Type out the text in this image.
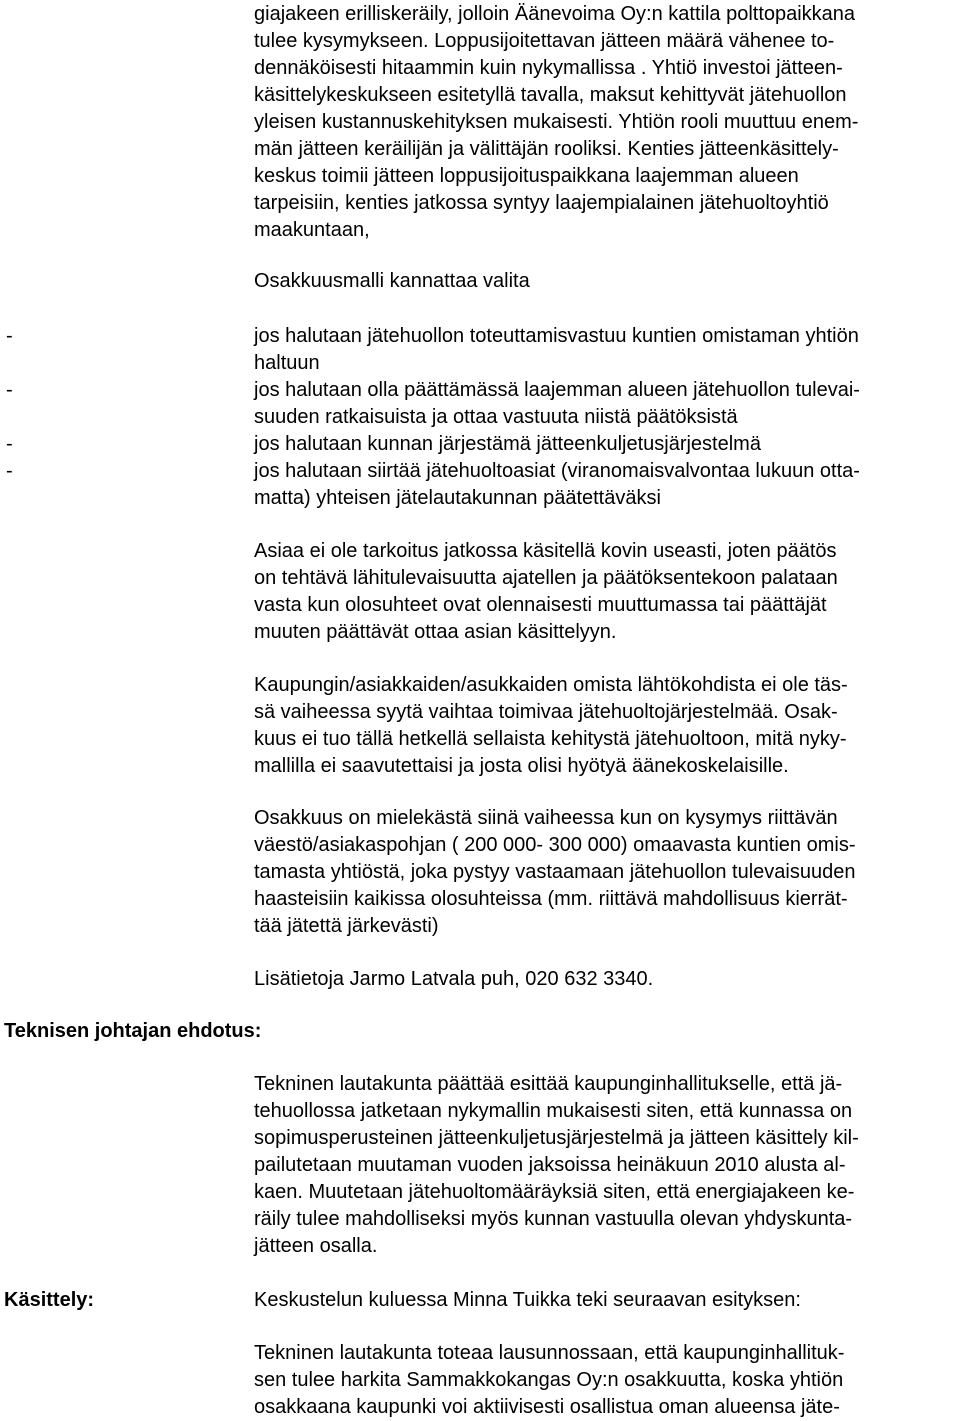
giajakeen erilliskeräily, jolloin Äänevoima Oy:n kattila polttopaikkana
tulee kysymykseen. Loppusijoitettavan jätteen määrä vähenee to-
dennäköisesti hitaammin kuin nykymallissa . Yhtiö investoi jätteen-
käsittelykeskukseen esitetyllä tavalla, maksut kehittyvät jätehuollon
yleisen kustannuskehityksen mukaisesti. Yhtiön rooli muuttuu enem-
män jätteen keräilijän ja välittäjän rooliksi. Kenties jätteenkäsittely-
keskus toimii jätteen loppusijoituspaikkana laajemman alueen
tarpeisiin, kenties jatkossa syntyy laajempialainen jätehuoltoyhtiö
maakuntaan,

Osakkuusmalli kannattaa valita

-	jos halutaan jätehuollon toteuttamisvastuu kuntien omistaman yhtiön
haltuun

-	jos halutaan olla päättämässä laajemman alueen jätehuollon tulevai-
suuden ratkaisuista ja ottaa vastuuta niistä päätöksistä

-	jos halutaan kunnan järjestämä jätteenkuljetusjärjestelmä

-	jos halutaan siirtää jätehuoltoasiat (viranomaisvalvontaa lukuun otta-
matta) yhteisen jätelautakunnan päätettäväksi

Asiaa ei ole tarkoitus jatkossa käsitellä kovin useasti, joten päätös
on tehtävä lähitulevaisuutta ajatellen ja päätöksentekoon palataan
vasta kun olosuhteet ovat olennaisesti muuttumassa tai päättäjät
muuten päättävät ottaa asian käsittelyyn.

Kaupungin/asiakkaiden/asukkaiden omista lähtökohdista ei ole täs-
sä vaiheessa syytä vaihtaa toimivaa jätehuoltojärjestelmää. Osak-
kuus ei tuo tällä hetkellä sellaista kehitystä jätehuoltoon, mitä nyky-
mallilla ei saavutettaisi ja josta olisi hyötyä äänekoskelaisille.

Osakkuus on mielekästä siinä vaiheessa kun on kysymys riittävän
väestö/asiakaspohjan ( 200 000- 300 000) omaavasta kuntien omis-
tamasta yhtiöstä, joka pystyy vastaamaan jätehuollon tulevaisuuden
haasteisiin kaikissa olosuhteissa (mm. riittävä mahdollisuus kierrät-
tää jätettä järkevästi)

Lisätietoja Jarmo Latvala puh, 020 632 3340.

Teknisen johtajan ehdotus:

Tekninen lautakunta päättää esittää kaupunginhallitukselle, että jä-
tehuollossa jatketaan nykymallin mukaisesti siten, että kunnassa on
sopimusperusteinen jätteenkuljetusjärjestelmä ja jätteen käsittely kil-
pailutetaan muutaman vuoden jaksoissa heinäkuun 2010 alusta al-
kaen. Muutetaan jätehuoltomääräyksiä siten, että energiajakeen ke-
räily tulee mahdolliseksi myös kunnan vastuulla olevan yhdyskunta-
jätteen osalla.

Käsittely:	Keskustelun kuluessa Minna Tuikka teki seuraavan esityksen:

Tekninen lautakunta toteaa lausunnossaan, että kaupunginhallituk-
sen tulee harkita Sammakkokangas Oy:n osakkuutta, koska yhtiön
osakkaana kaupunki voi aktiivisesti osallistua oman alueensa jäte-
